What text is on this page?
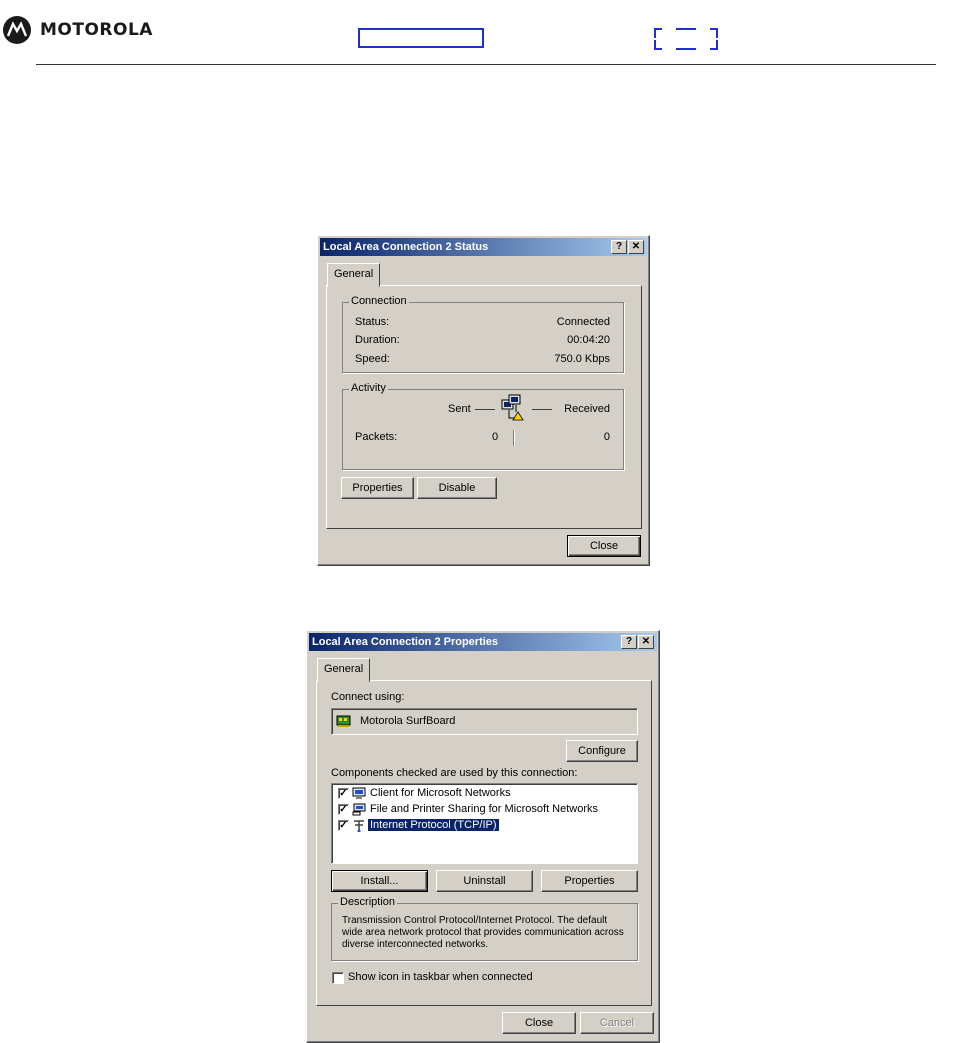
MOTOROLA
Local Area Connection 2 Status	? ✕
General
Connection
Status:	Connected
Duration:	00:04:20
Speed:	750.0 Kbps
Activity
Sent	Received
Packets:	0	0
Properties	Disable
Close
Local Area Connection 2 Properties	? ✕
General
Connect using:
Motorola SurfBoard
Configure
Components checked are used by this connection:
✓ Client for Microsoft Networks
✓ File and Printer Sharing for Microsoft Networks
✓ Internet Protocol (TCP/IP)
Install...	Uninstall	Properties
Description
Transmission Control Protocol/Internet Protocol. The default wide area network protocol that provides communication across diverse interconnected networks.
Show icon in taskbar when connected
Close	Cancel
